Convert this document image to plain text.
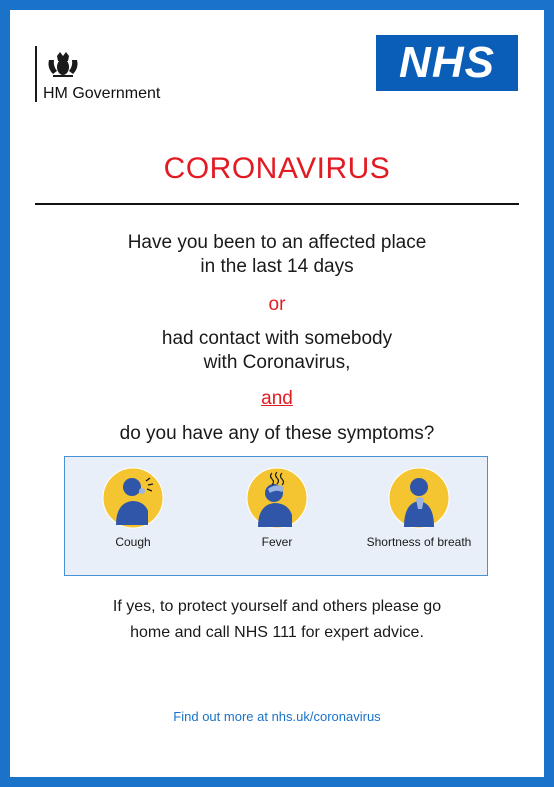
HM Government
NHS
CORONAVIRUS
Have you been to an affected place
in the last 14 days
or
had contact with somebody
with Coronavirus,
and
do you have any of these symptoms?
Cough	Fever	Shortness of breath
If yes, to protect yourself and others please go
home and call NHS 111 for expert advice.
Find out more at nhs.uk/coronavirus
